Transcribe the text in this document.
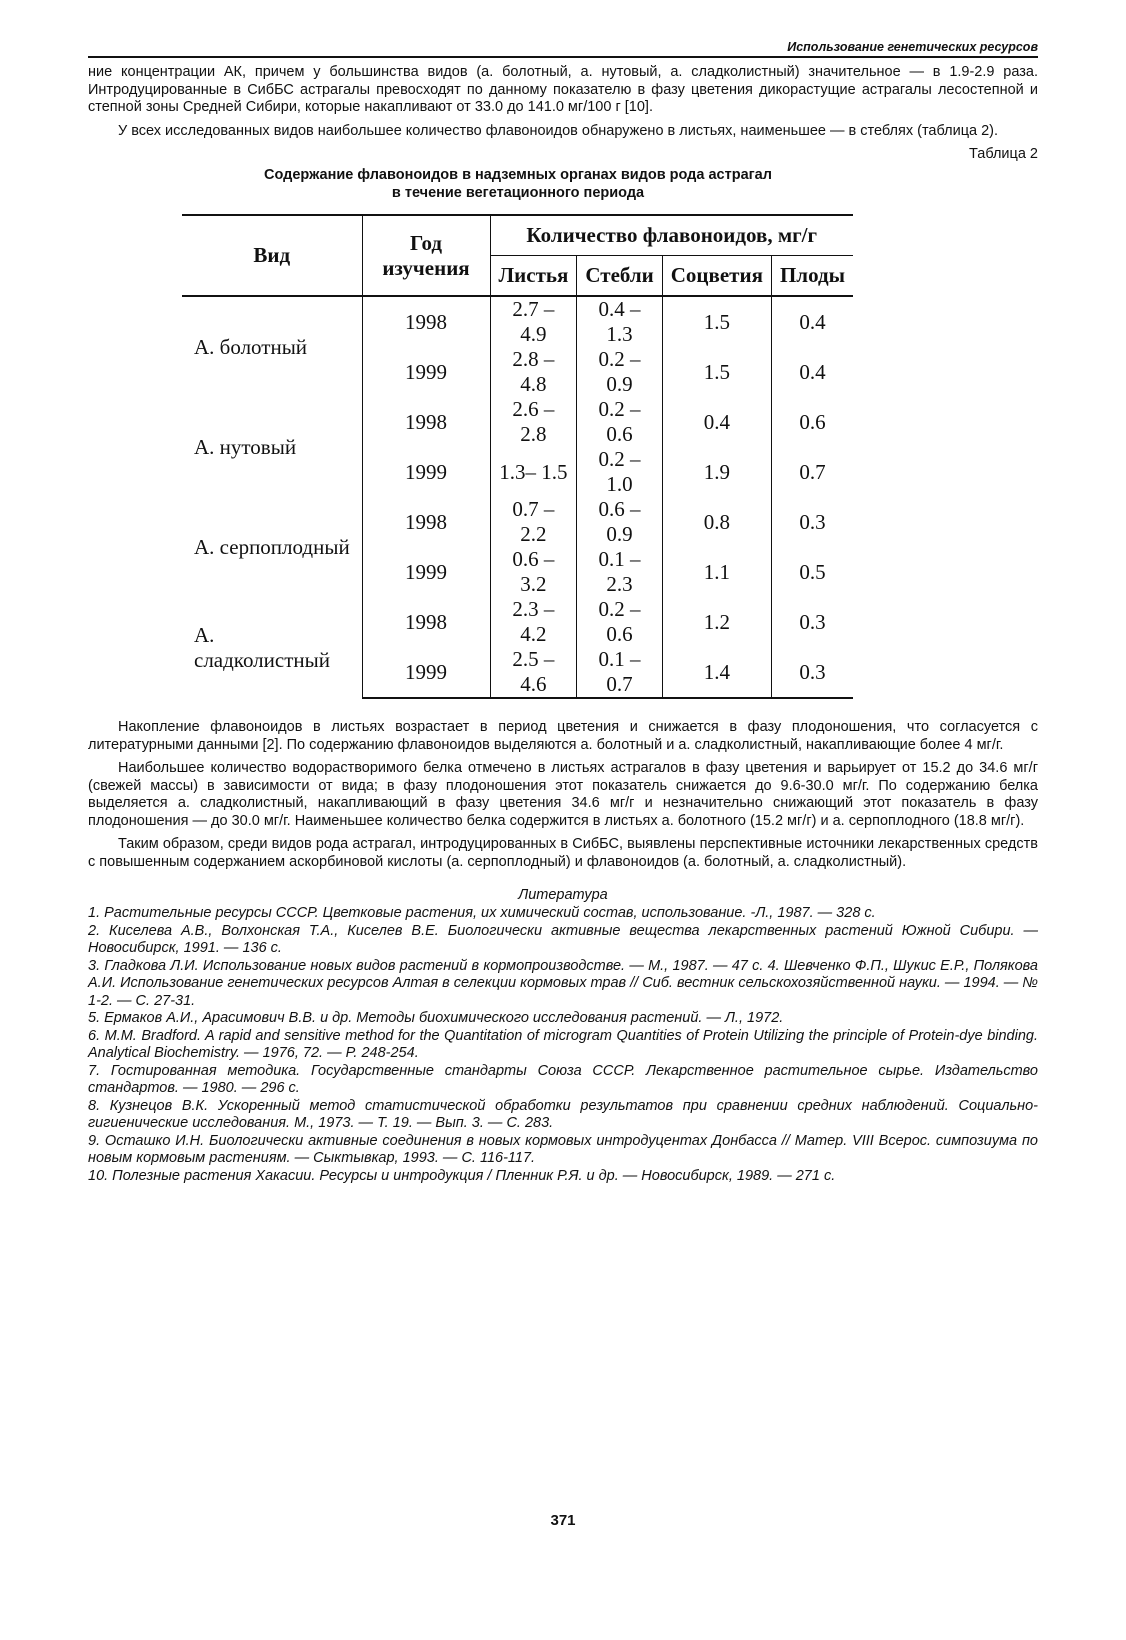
Использование генетических ресурсов

ние концентрации АК, причем у большинства видов (а. болотный, а. нутовый, а. сладколистный) значительное — в 1.9-2.9 раза. Интродуцированные в СибБС астрагалы превосходят по данному показателю в фазу цветения дикорастущие астрагалы лесостепной и степной зоны Средней Сибири, которые накапливают от 33.0 до 141.0 мг/100 г [10].

У всех исследованных видов наибольшее количество флавоноидов обнаружено в листьях, наименьшее — в стеблях (таблица 2).

Таблица 2
Содержание флавоноидов в надземных органах видов рода астрагал
в течение вегетационного периода
Вид	Год изучения	Количество флавоноидов, мг/г			
		Листья	Стебли	Соцветия	Плоды
А. болотный	1998	2.7 – 4.9	0.4 – 1.3	1.5	0.4
	1999	2.8 – 4.8	0.2 – 0.9	1.5	0.4
А. нутовый	1998	2.6 – 2.8	0.2 – 0.6	0.4	0.6
	1999	1.3– 1.5	0.2 – 1.0	1.9	0.7
А. серпоплодный	1998	0.7 – 2.2	0.6 – 0.9	0.8	0.3
	1999	0.6 – 3.2	0.1 – 2.3	1.1	0.5
А. сладколистный	1998	2.3 – 4.2	0.2 – 0.6	1.2	0.3
	1999	2.5 – 4.6	0.1 – 0.7	1.4	0.3

Накопление флавоноидов в листьях возрастает в период цветения и снижается в фазу плодоношения, что согласуется с литературными данными [2]. По содержанию флавоноидов выделяются а. болотный и а. сладколистный, накапливающие более 4 мг/г.

Наибольшее количество водорастворимого белка отмечено в листьях астрагалов в фазу цветения и варьирует от 15.2 до 34.6 мг/г (свежей массы) в зависимости от вида; в фазу плодоношения этот показатель снижается до 9.6-30.0 мг/г. По содержанию белка выделяется а. сладколистный, накапливающий в фазу цветения 34.6 мг/г и незначительно снижающий этот показатель в фазу плодоношения — до 30.0 мг/г. Наименьшее количество белка содержится в листьях а. болотного (15.2 мг/г) и а. серпоплодного (18.8 мг/г).

Таким образом, среди видов рода астрагал, интродуцированных в СибБС, выявлены перспективные источники лекарственных средств с повышенным содержанием аскорбиновой кислоты (а. серпоплодный) и флавоноидов (а. болотный, а. сладколистный).

Литература

1. Растительные ресурсы СССР. Цветковые растения, их химический состав, использование. -Л., 1987. — 328 с.

2. Киселева А.В., Волхонская Т.А., Киселев В.Е. Биологически активные вещества лекарственных растений Южной Сибири. — Новосибирск, 1991. — 136 с.

3. Гладкова Л.И. Использование новых видов растений в кормопроизводстве. — М., 1987. — 47 с. 4. Шевченко Ф.П., Шукис Е.Р., Полякова А.И. Использование генетических ресурсов Алтая в селекции кормовых трав // Сиб. вестник сельскохозяйственной науки. — 1994. — № 1-2. — С. 27-31.

5. Ермаков А.И., Арасимович В.В. и др. Методы биохимического исследования растений. — Л., 1972.

6. M.M. Bradford. A rapid and sensitive method for the Quantitation of microgram Quantities of Protein Utilizing the principle of Protein-dye binding. Analytical Biochemistry. — 1976, 72. — P. 248-254.

7. Гостированная методика. Государственные стандарты Союза СССР. Лекарственное растительное сырье. Издательство стандартов. — 1980. — 296 с.

8. Кузнецов В.К. Ускоренный метод статистической обработки результатов при сравнении средних наблюдений. Социально-гигиенические исследования. М., 1973. — Т. 19. — Вып. 3. — С. 283.

9. Осташко И.Н. Биологически активные соединения в новых кормовых интродуцентах Донбасса // Матер. VIII Всерос. симпозиума по новым кормовым растениям. — Сыктывкар, 1993. — С. 116-117.

10. Полезные растения Хакасии. Ресурсы и интродукция / Пленник Р.Я. и др. — Новосибирск, 1989. — 271 с.

371
